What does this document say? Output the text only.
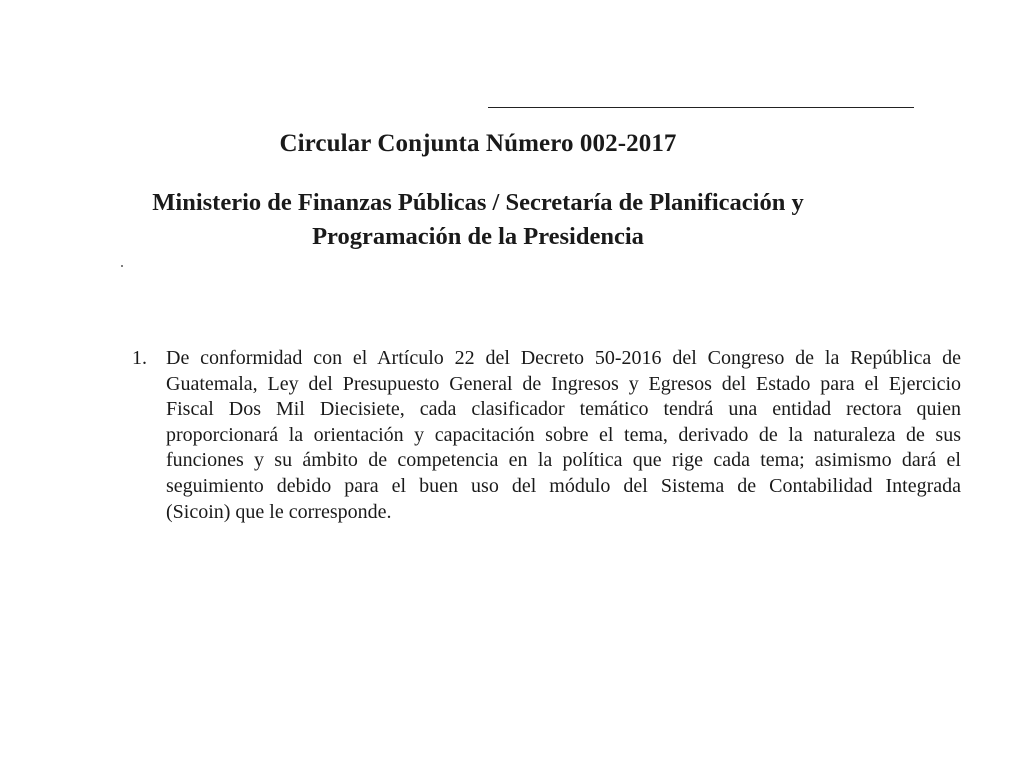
Circular Conjunta Número 002-2017
Ministerio de Finanzas Públicas / Secretaría de Planificación y
Programación de la Presidencia
1. De conformidad con el Artículo 22 del Decreto 50-2016 del Congreso de la República de
Guatemala, Ley del Presupuesto General de Ingresos y Egresos del Estado para el Ejercicio
Fiscal Dos Mil Diecisiete, cada clasificador temático tendrá una entidad rectora quien
proporcionará la orientación y capacitación sobre el tema, derivado de la naturaleza de sus
funciones y su ámbito de competencia en la política que rige cada tema; asimismo dará el
seguimiento debido para el buen uso del módulo del Sistema de Contabilidad Integrada
(Sicoin) que le corresponde.
